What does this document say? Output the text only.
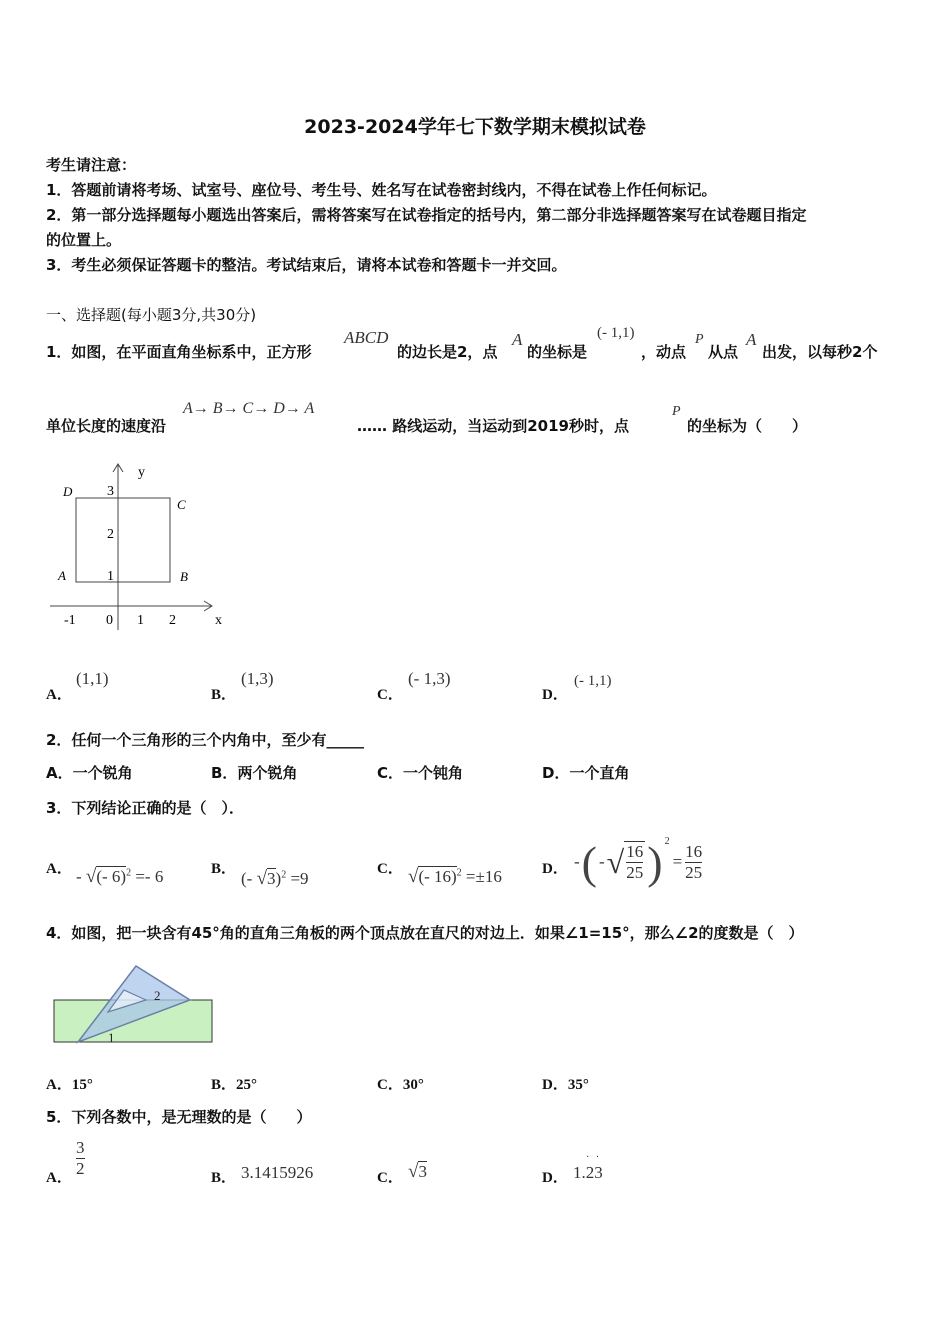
2023-2024学年七下数学期末模拟试卷
考生请注意：
1．答题前请将考场、试室号、座位号、考生号、姓名写在试卷密封线内，不得在试卷上作任何标记。
2．第一部分选择题每小题选出答案后，需将答案写在试卷指定的括号内，第二部分非选择题答案写在试卷题目指定
的位置上。
3．考生必须保证答题卡的整洁。考试结束后，请将本试卷和答题卡一并交回。
一、选择题(每小题3分,共30分)
1．如图，在平面直角坐标系中，正方形
ABCD
的边长是2，点
A
的坐标是
(- 1,1)
，动点
P
从点
A
出发，以每秒2个
单位长度的速度沿
A→ B→ C→ D→ A
…… 路线运动，当运动到2019秒时，点
P
的坐标为（　　）
y
x
D
C
A	B
3
2
1
-1 0 1 2
A．
(1,1)
B．
(1,3)
C．
(- 1,3)
D．
(- 1,1)
2．任何一个三角形的三个内角中，至少有_____
A．一个锐角	B．两个锐角	C．一个钝角	D．一个直角
3．下列结论正确的是（　）．
A． - √(- 6)$^2$ =- 6	B． (- √3)$^2$ =9	C． √(- 16)$^2$ =±16	D． - ( - √ $\frac{16}{25}$ ) 2
= $\frac{16}{25}$
4．如图，把一块含有45°角的直角三角板的两个顶点放在直尺的对边上．如果∠1=15°，那么∠2的度数是（　）
2
1
A．15°	B．25°	C．30°	D．35°
5．下列各数中，是无理数的是（　　）
A． $\frac{3}{2}$	B． 3.1415926	C． √3	D．
· ·
1.23
